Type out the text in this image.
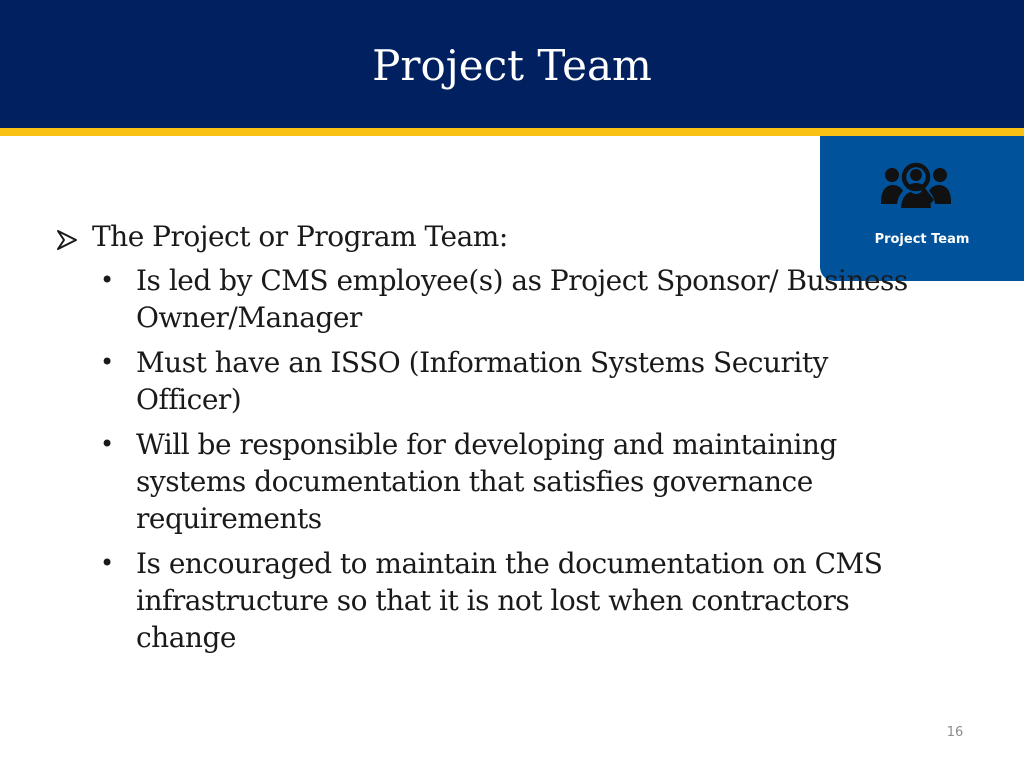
Project Team
Project Team
The Project or Program Team:
• Is led by CMS employee(s) as Project Sponsor/ Business Owner/Manager
• Must have an ISSO (Information Systems Security Officer)
• Will be responsible for developing and maintaining systems documentation that satisfies governance requirements
• Is encouraged to maintain the documentation on CMS infrastructure so that it is not lost when contractors change
16
